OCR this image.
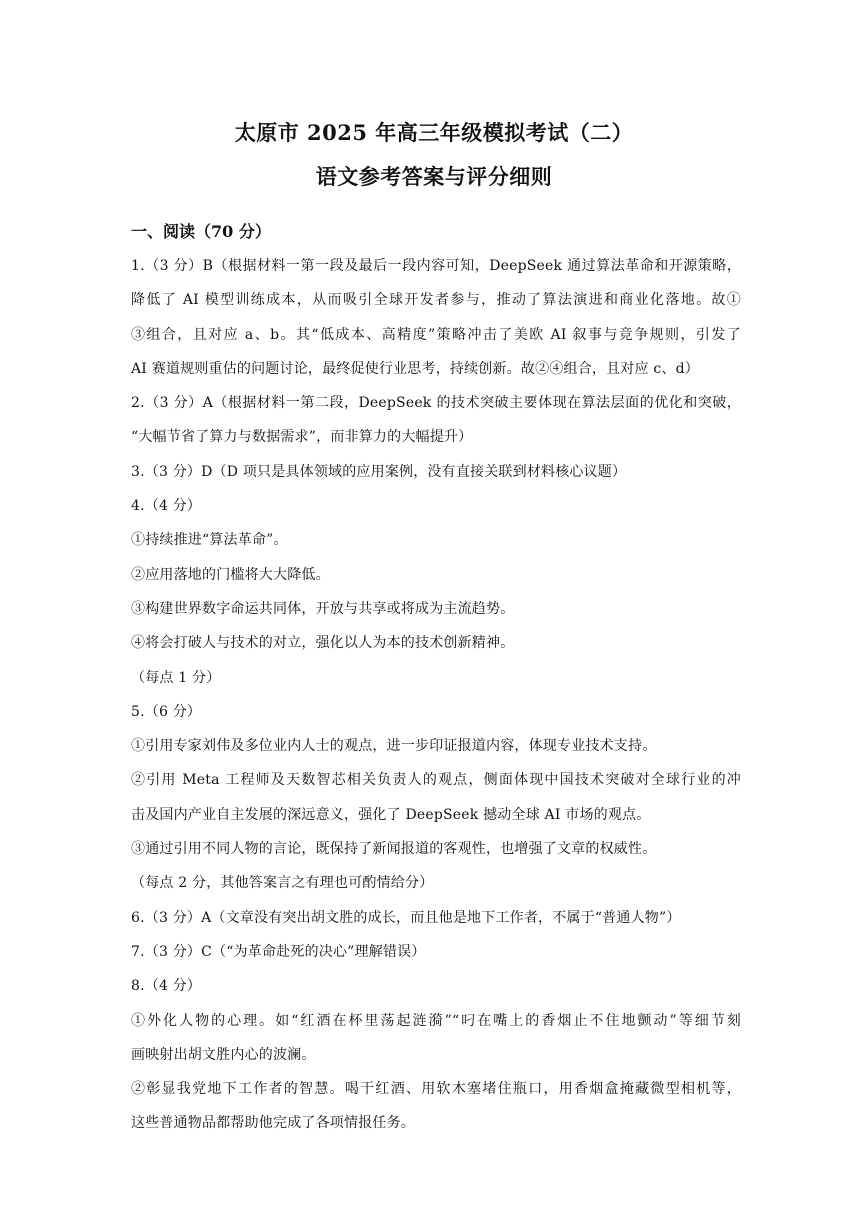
太原市 2025 年高三年级模拟考试（二）
语文参考答案与评分细则
一、阅读（70 分）
1.（3 分）B（根据材料一第一段及最后一段内容可知，DeepSeek 通过算法革命和开源策略，
降低了 AI 模型训练成本，从而吸引全球开发者参与，推动了算法演进和商业化落地。故①
③组合，且对应 a、b。其“低成本、高精度”策略冲击了美欧 AI 叙事与竞争规则，引发了
AI 赛道规则重估的问题讨论，最终促使行业思考，持续创新。故②④组合，且对应 c、d）
2.（3 分）A（根据材料一第二段，DeepSeek 的技术突破主要体现在算法层面的优化和突破，
“大幅节省了算力与数据需求”，而非算力的大幅提升）
3.（3 分）D（D 项只是具体领域的应用案例，没有直接关联到材料核心议题）
4.（4 分）
①持续推进“算法革命”。
②应用落地的门槛将大大降低。
③构建世界数字命运共同体，开放与共享或将成为主流趋势。
④将会打破人与技术的对立，强化以人为本的技术创新精神。
（每点 1 分）
5.（6 分）
①引用专家刘伟及多位业内人士的观点，进一步印证报道内容，体现专业技术支持。
②引用 Meta 工程师及天数智芯相关负责人的观点，侧面体现中国技术突破对全球行业的冲
击及国内产业自主发展的深远意义，强化了 DeepSeek 撼动全球 AI 市场的观点。
③通过引用不同人物的言论，既保持了新闻报道的客观性，也增强了文章的权威性。
（每点 2 分，其他答案言之有理也可酌情给分）
6.（3 分）A（文章没有突出胡文胜的成长，而且他是地下工作者，不属于“普通人物”）
7.（3 分）C（“为革命赴死的决心”理解错误）
8.（4 分）
①外化人物的心理。如“红酒在杯里荡起涟漪”“叼在嘴上的香烟止不住地颤动”等细节刻
画映射出胡文胜内心的波澜。
②彰显我党地下工作者的智慧。喝干红酒、用软木塞堵住瓶口，用香烟盒掩藏微型相机等，
这些普通物品都帮助他完成了各项情报任务。
